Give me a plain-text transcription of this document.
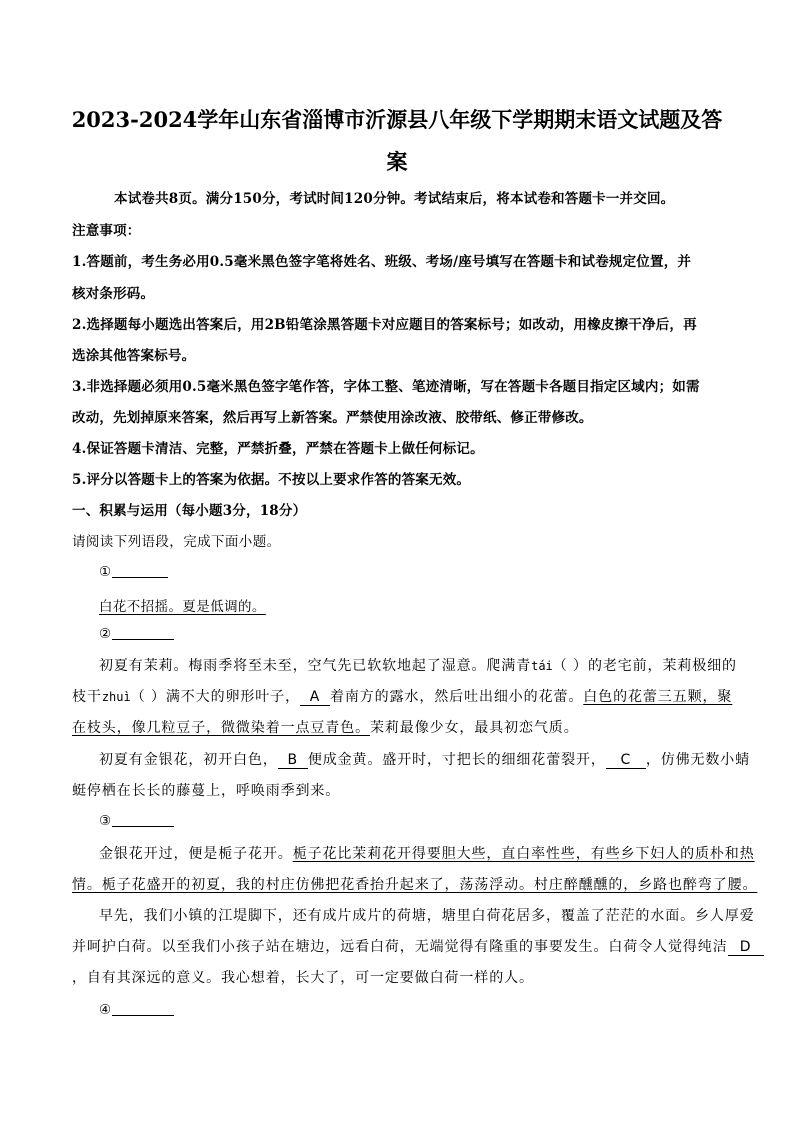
2023-2024学年山东省淄博市沂源县八年级下学期期末语文试题及答
案
本试卷共8页。满分150分，考试时间120分钟。考试结束后，将本试卷和答题卡一并交回。
注意事项：
1.答题前，考生务必用0.5毫米黑色签字笔将姓名、班级、考场/座号填写在答题卡和试卷规定位置，并
核对条形码。
2.选择题每小题选出答案后，用2B铅笔涂黑答题卡对应题目的答案标号；如改动，用橡皮擦干净后，再
选涂其他答案标号。
3.非选择题必须用0.5毫米黑色签字笔作答，字体工整、笔迹清晰，写在答题卡各题目指定区域内；如需
改动，先划掉原来答案，然后再写上新答案。严禁使用涂改液、胶带纸、修正带修改。
4.保证答题卡清洁、完整，严禁折叠，严禁在答题卡上做任何标记。
5.评分以答题卡上的答案为依据。不按以上要求作答的答案无效。
一、积累与运用（每小题3分，18分）
请阅读下列语段，完成下面小题。
①
白花不招摇。夏是低调的。
②
初夏有茉莉。梅雨季将至未至，空气先已软软地起了湿意。爬满青tái（ ）的老宅前，茉莉极细的
枝干zhuì（ ）满不大的卵形叶子， A 着南方的露水，然后吐出细小的花蕾。白色的花蕾三五颗，聚
在枝头，像几粒豆子，微微染着一点豆青色。茉莉最像少女，最具初恋气质。
初夏有金银花，初开白色， B 便成金黄。盛开时，寸把长的细细花蕾裂开， C ，仿佛无数小蜻
蜓停栖在长长的藤蔓上，呼唤雨季到来。
③
金银花开过，便是栀子花开。栀子花比茉莉花开得要胆大些，直白率性些，有些乡下妇人的质朴和热
情。栀子花盛开的初夏，我的村庄仿佛把花香抬升起来了，荡荡浮动。村庄醉醺醺的，乡路也醉弯了腰。
早先，我们小镇的江堤脚下，还有成片成片的荷塘，塘里白荷花居多，覆盖了茫茫的水面。乡人厚爱
并呵护白荷。以至我们小孩子站在塘边，远看白荷，无端觉得有隆重的事要发生。白荷令人觉得纯洁 D
，自有其深远的意义。我心想着，长大了，可一定要做白荷一样的人。
④
